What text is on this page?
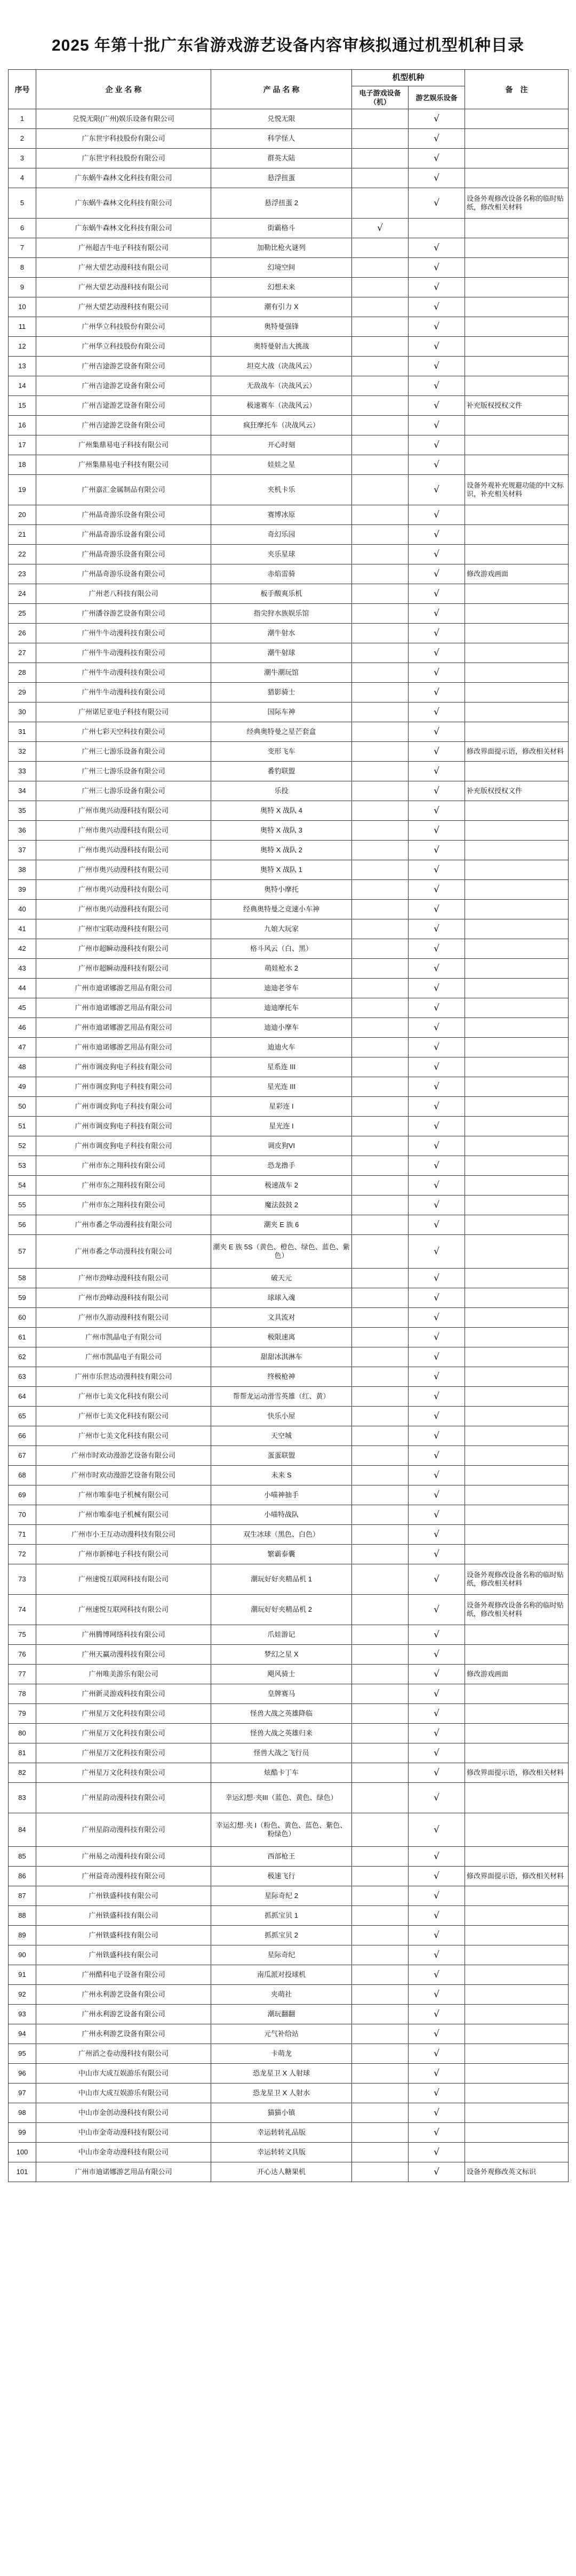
2025 年第十批广东省游戏游艺设备内容审核拟通过机型机种目录
序号	企 业 名 称	产 品 名 称	机型机种		备　注
			电子游戏设备（机）	游艺娱乐设备	
1	兑悦无限(广州)娱乐设备有限公司	兑悦无限		√	
2	广东世宇科技股份有限公司	科学怪人		√	
3	广东世宇科技股份有限公司	群英大陆		√	
4	广东蜗牛森林文化科技有限公司	悬浮扭蛋		√	
5	广东蜗牛森林文化科技有限公司	悬浮扭蛋 2		√	设备外观修改设备名称的临时贴纸，修改相关材料
6	广东蜗牛森林文化科技有限公司	街霸格斗	√		
7	广州超吉牛电子科技有限公司	加勒比枪火谜列		√	
8	广州大望艺动漫科技有限公司	幻境空间		√	
9	广州大望艺动漫科技有限公司	幻想未来		√	
10	广州大望艺动漫科技有限公司	潮有引力 X		√	
11	广州华立科技股份有限公司	奥特曼强锋		√	
12	广州华立科技股份有限公司	奥特曼射击大挑战		√	
13	广州吉途游艺设备有限公司	坦克大战（决战风云）		√	
14	广州吉途游艺设备有限公司	无敌战车（决战风云）		√	
15	广州吉途游艺设备有限公司	极速赛车（决战风云）		√	补充版权授权文件
16	广州吉途游艺设备有限公司	疯狂摩托车（决战风云）		√	
17	广州集鼎易电子科技有限公司	开心时刻		√	
18	广州集鼎易电子科技有限公司	娃娃之星		√	
19	广州嘉汇金属制品有限公司	夹机卡乐		√	设备外观补充规避功能的中文标识，补充相关材料
20	广州晶奇游乐设备有限公司	赛博冰原		√	
21	广州晶奇游乐设备有限公司	奇幻乐园		√	
22	广州晶奇游乐设备有限公司	夹乐星球		√	
23	广州晶奇游乐设备有限公司	赤焰雷骑		√	修改游戏画面
24	广州老八科技有限公司	板手酸爽乐机		√	
25	广州潘谷游艺设备有限公司	指尖狩水族娱乐馆		√	
26	广州牛牛动漫科技有限公司	潮牛射水		√	
27	广州牛牛动漫科技有限公司	潮牛射球		√	
28	广州牛牛动漫科技有限公司	潮牛潮玩馆		√	
29	广州牛牛动漫科技有限公司	猎影骑士		√	
30	广州诺尼亚电子科技有限公司	国际车神		√	
31	广州七彩天空科技有限公司	经典奥特曼之星芒套盒		√	
32	广州三七游乐设备有限公司	变形飞车		√	修改界面提示语，修改相关材料
33	广州三七游乐设备有限公司	番豹联盟		√	
34	广州三七游乐设备有限公司	乐投		√	补充版权授权文件
35	广州市奥兴动漫科技有限公司	奥特 X 战队 4		√	
36	广州市奥兴动漫科技有限公司	奥特 X 战队 3		√	
37	广州市奥兴动漫科技有限公司	奥特 X 战队 2		√	
38	广州市奥兴动漫科技有限公司	奥特 X 战队 1		√	
39	广州市奥兴动漫科技有限公司	奥特小摩托		√	
40	广州市奥兴动漫科技有限公司	经典奥特曼之竞速小车神		√	
41	广州市宝联动漫科技有限公司	九娘大玩家		√	
42	广州市超瞬动漫科技有限公司	格斗风云（白、黑）		√	
43	广州市超瞬动漫科技有限公司	萌娃枪水 2		√	
44	广州市迪诺娜游艺用品有限公司	迪迪老爷车		√	
45	广州市迪诺娜游艺用品有限公司	迪迪摩托车		√	
46	广州市迪诺娜游艺用品有限公司	迪迪小摩车		√	
47	广州市迪诺娜游艺用品有限公司	迪迪火车		√	
48	广州市调皮狗电子科技有限公司	星系连 III		√	
49	广州市调皮狗电子科技有限公司	星光连 III		√	
50	广州市调皮狗电子科技有限公司	星彩连 I		√	
51	广州市调皮狗电子科技有限公司	星光连 I		√	
52	广州市调皮狗电子科技有限公司	调皮狗VI		√	
53	广州市东之翔科技有限公司	恐龙撸手		√	
54	广州市东之翔科技有限公司	极速战车 2		√	
55	广州市东之翔科技有限公司	魔法鼓鼓 2		√	
56	广州市番之华动漫科技有限公司	潮夹 E 族 6		√	
57	广州市番之华动漫科技有限公司	潮夹 E 族 5S（黄色、橙色、绿色、蓝色、紫色）		√	
58	广州市劲峰动漫科技有限公司	破天元		√	
59	广州市劲峰动漫科技有限公司	球球入魂		√	
60	广州市久游动漫科技有限公司	文具流对		√	
61	广州市凯晶电子有限公司	极限速离		√	
62	广州市凯晶电子有限公司	甜甜冰淇淋车		√	
63	广州市乐世达动漫科技有限公司	终极枪神		√	
64	广州市七美文化科技有限公司	帮帮龙运动滑雪英雄（红、黄）		√	
65	广州市七美文化科技有限公司	快乐小屋		√	
66	广州市七美文化科技有限公司	天空城		√	
67	广州市时欢动漫游艺设备有限公司	蛋蛋联盟		√	
68	广州市时欢动漫游艺设备有限公司	未来 S		√	
69	广州市唯泰电子机械有限公司	小喵神抽手		√	
70	广州市唯泰电子机械有限公司	小喵特战队		√	
71	广州市小王互动动漫科技有限公司	双生冰球（黑色、白色）		√	
72	广州市新梯电子科技有限公司	繁霸泰囊		√	
73	广州速悦互联网科技有限公司	潮玩好好夹精品机 1		√	设备外观修改设备名称的临时贴纸，修改相关材料
74	广州速悦互联网科技有限公司	潮玩好好夹精品机 2		√	设备外观修改设备名称的临时贴纸，修改相关材料
75	广州腾博网络科技有限公司	爪娃游记		√	
76	广州天赢动漫科技有限公司	梦幻之星 X		√	
77	广州唯美游乐有限公司	飓风骑士		√	修改游戏画面
78	广州新灵游戏科技有限公司	皇牌赛马		√	
79	广州星万文化科技有限公司	怪兽大战之英雄降临		√	
80	广州星万文化科技有限公司	怪兽大战之英雄归来		√	
81	广州星万文化科技有限公司	怪兽大战之飞行员		√	
82	广州星万文化科技有限公司	炫酷卡丁车		√	修改界面提示语，修改相关材料
83	广州星韵动漫科技有限公司	幸运幻想·夹III（蓝色、黄色、绿色）		√	
84	广州星韵动漫科技有限公司	幸运幻想·夹 I（粉色、黄色、蓝色、紫色、粉绿色）		√	
85	广州易之动漫科技有限公司	西部枪王		√	
86	广州益奇动漫科技有限公司	极速飞行		√	修改界面提示语，修改相关材料
87	广州铁盛科技有限公司	星际奇纪 2		√	
88	广州铁盛科技有限公司	抓抓宝贝 1		√	
89	广州铁盛科技有限公司	抓抓宝贝 2		√	
90	广州铁盛科技有限公司	星际奇纪		√	
91	广州酷科电子设备有限公司	南瓜派对投球机		√	
92	广州永利游艺设备有限公司	夹萌社		√	
93	广州永利游艺设备有限公司	潮玩翻翻		√	
94	广州永利游艺设备有限公司	元气补给站		√	
95	广州滔之卷动漫科技有限公司	卡萌龙		√	
96	中山市大成互娱游乐有限公司	恐龙星卫 X 人射球		√	
97	中山市大成互娱游乐有限公司	恐龙星卫 X 人射水		√	
98	中山市金创动漫科技有限公司	猫猫小镇		√	
99	中山市金奇动漫科技有限公司	幸运转转礼品版		√	
100	中山市金奇动漫科技有限公司	幸运转转文具版		√	
101	广州市迪诺娜游艺用品有限公司	开心达人糖果机		√	设备外观修改英文标识
